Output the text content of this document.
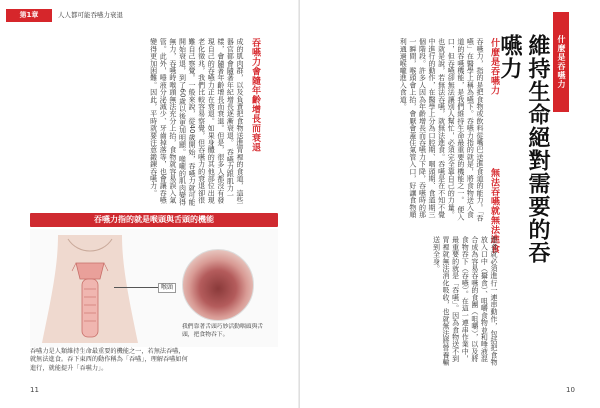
第1章	人人都可能吞嚥力衰退
吞嚥力會隨年齡增長而衰退
成的肌肉群，以及負責把食物送進胃裡的食道，這些器官都會隨著年紀增長逐漸衰退。 吞嚥力跟肌力一樣，會隨著年齡增長而衰退。但是，很多人都沒有發現自己的吞嚥力正在衰退。如果身體的其他部位出現老化徵兆，我們比較容易察覺，但吞嚥力的衰退卻很難自己察覺。一般來說，從40歲開始，吞嚥力就可能開始衰退，到了60歲以後更加明顯。喉嚨的肌肉變得無力，吞嚥時喉頭無法充分上抬，食物就容易誤入氣管。此外，唾液分泌減少、牙齒掉落等，也會讓吞嚥變得更加困難。因此，平時就要注意鍛鍊吞嚥力。
吞嚥力指的就是喉頭與舌頭的機能
喉頭
我們靠著舌頭巧妙活動咽頭與舌頭，把食物吞下。
吞嚥力是人類維持生命最重要的機能之一，若無法吞嚥，就無法進食。吞下東西的動作稱為「吞嚥」，理解吞嚥如何進行，就能提升「吞嚥力」。
11
什麼是吞嚥力
維持生命絕對需要的吞嚥力
什麼是吞嚥力
吞嚥力，指的是把食物或飲料從嘴巴送進食道的能力。「吞嚥」在醫學上稱為嚥下。吞嚥力指的就是，將食物送入食道的吞嚥機能，是我們維持生命最重要的機能之一。 便入口，但吞嚥卻無法讓別人幫忙，必須完全靠自己的力量。也就是說，若無法吞嚥，就無法進食。吞嚥是在不知不覺中進行的動作，在醫學上分為口腔期、咽頭期、食道期三個階段。許多人因為年齡增長而吞嚥力下降，吞嚥時的那一瞬間，喉頭會上抬，會厭會蓋住氣管入口，好讓食物順利通過喉嚨進入食道。
無法吞嚥就無法進食
進食就必須進行一連串動作，包括把食物放入口中（攝食）、咀嚼食物並和唾液混合成為容易吞嚥的食團（咀嚼），以及將食物吞下（吞嚥）。在這一連串作業中，最重要的就是「吞嚥」。因為食物送不到胃裡就無法消化吸收，也就無法將營養輸送到全身。
10
